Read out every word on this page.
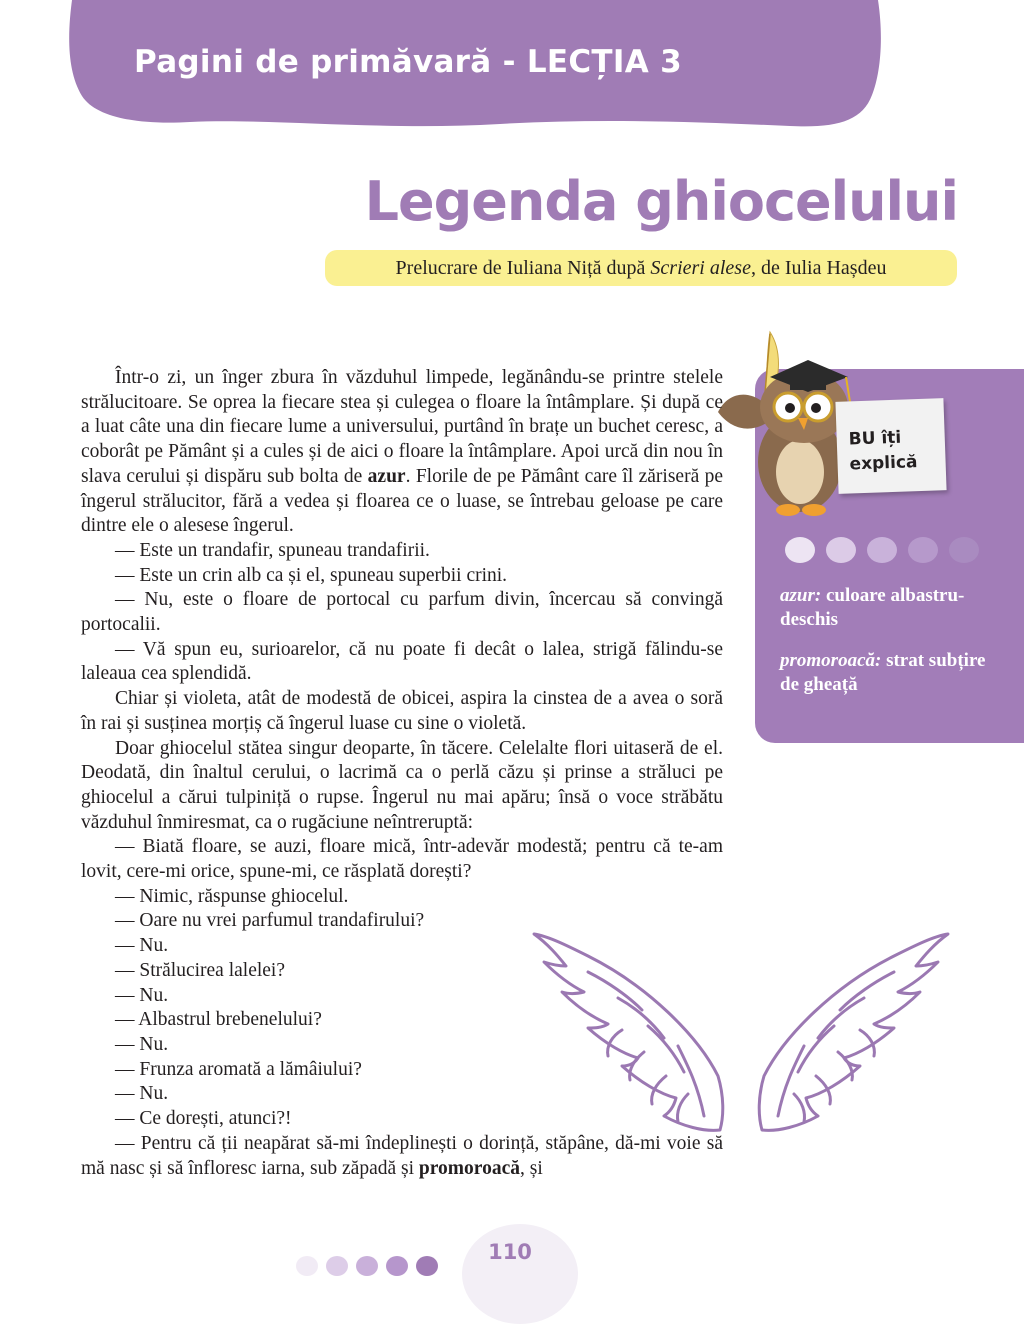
Pagini de primăvară - LECȚIA 3
Legenda ghiocelului
Prelucrare de Iuliana Niță după Scrieri alese, de Iulia Hașdeu
BU îți
explică
azur: culoare albastru-deschis
promoroacă: strat subțire de gheață

Într-o zi, un înger zbura în văzduhul limpede, legănându-se printre stelele strălucitoare. Se oprea la fiecare stea și culegea o floare la întâmplare. Și după ce a luat câte una din fiecare lume a universului, purtând în brațe un buchet ceresc, a coborât pe Pământ și a cules și de aici o floare la întâmplare. Apoi urcă din nou în slava cerului și dispăru sub bolta de azur. Florile de pe Pământ care îl zăriseră pe îngerul strălucitor, fără a vedea și floarea ce o luase, se întrebau geloase pe care dintre ele o alesese îngerul.

— Este un trandafir, spuneau trandafirii.

— Este un crin alb ca și el, spuneau superbii crini.

— Nu, este o floare de portocal cu parfum divin, încercau să convingă portocalii.

— Vă spun eu, surioarelor, că nu poate fi decât o lalea, strigă fălindu-se laleaua cea splendidă.

Chiar și violeta, atât de modestă de obicei, aspira la cinstea de a avea o soră în rai și susținea morțiș că îngerul luase cu sine o violetă.

Doar ghiocelul stătea singur deoparte, în tăcere. Celelalte flori uitaseră de el. Deodată, din înaltul cerului, o lacrimă ca o perlă căzu și prinse a străluci pe ghiocelul a cărui tulpiniță o rupse. Îngerul nu mai apăru; însă o voce străbătu văzduhul înmiresmat, ca o rugăciune neîntreruptă:

— Biată floare, se auzi, floare mică, într-adevăr modestă; pentru că te-am lovit, cere-mi orice, spune-mi, ce răsplată dorești?

— Nimic, răspunse ghiocelul.

— Oare nu vrei parfumul trandafirului?

— Nu.

— Strălucirea lalelei?

— Nu.

— Albastrul brebenelului?

— Nu.

— Frunza aromată a lămâiului?

— Nu.

— Ce dorești, atunci?!

— Pentru că ții neapărat să-mi îndeplinești o dorință, stăpâne, dă-mi voie să mă nasc și să înfloresc iarna, sub zăpadă și promoroacă, și

110
